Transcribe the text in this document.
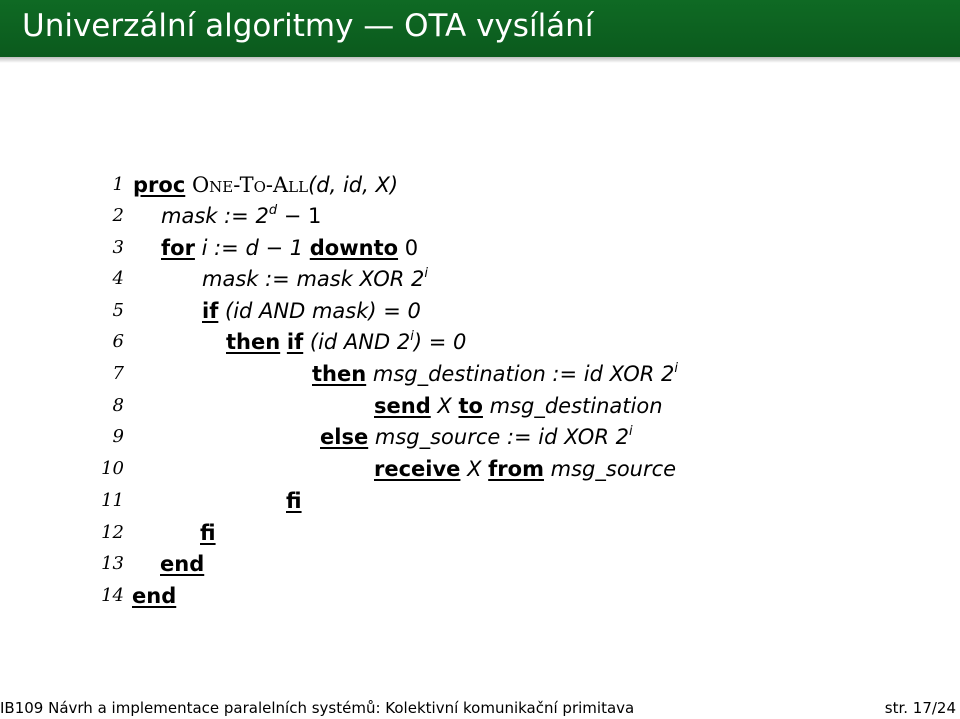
Univerzální algoritmy — OTA vysílání
1 proc One-To-All(d, id, X)
2 mask := $2^d - 1$
3 for i := d − 1 downto 0
4	mask := mask XOR 2$^i$
5	if (id AND mask) = 0
6	then if (id AND $2^i) = 0$
7	then msg_destination := id XOR 2$^i$
8	send X to msg_destination
9	else msg_source := id XOR 2$^i$
10	receive X from msg_source
11	fi
12	fi
13 end
14 end
IB109 Návrh a implementace paralelních systémů: Kolektivní komunikační primitava	str. 17/24
